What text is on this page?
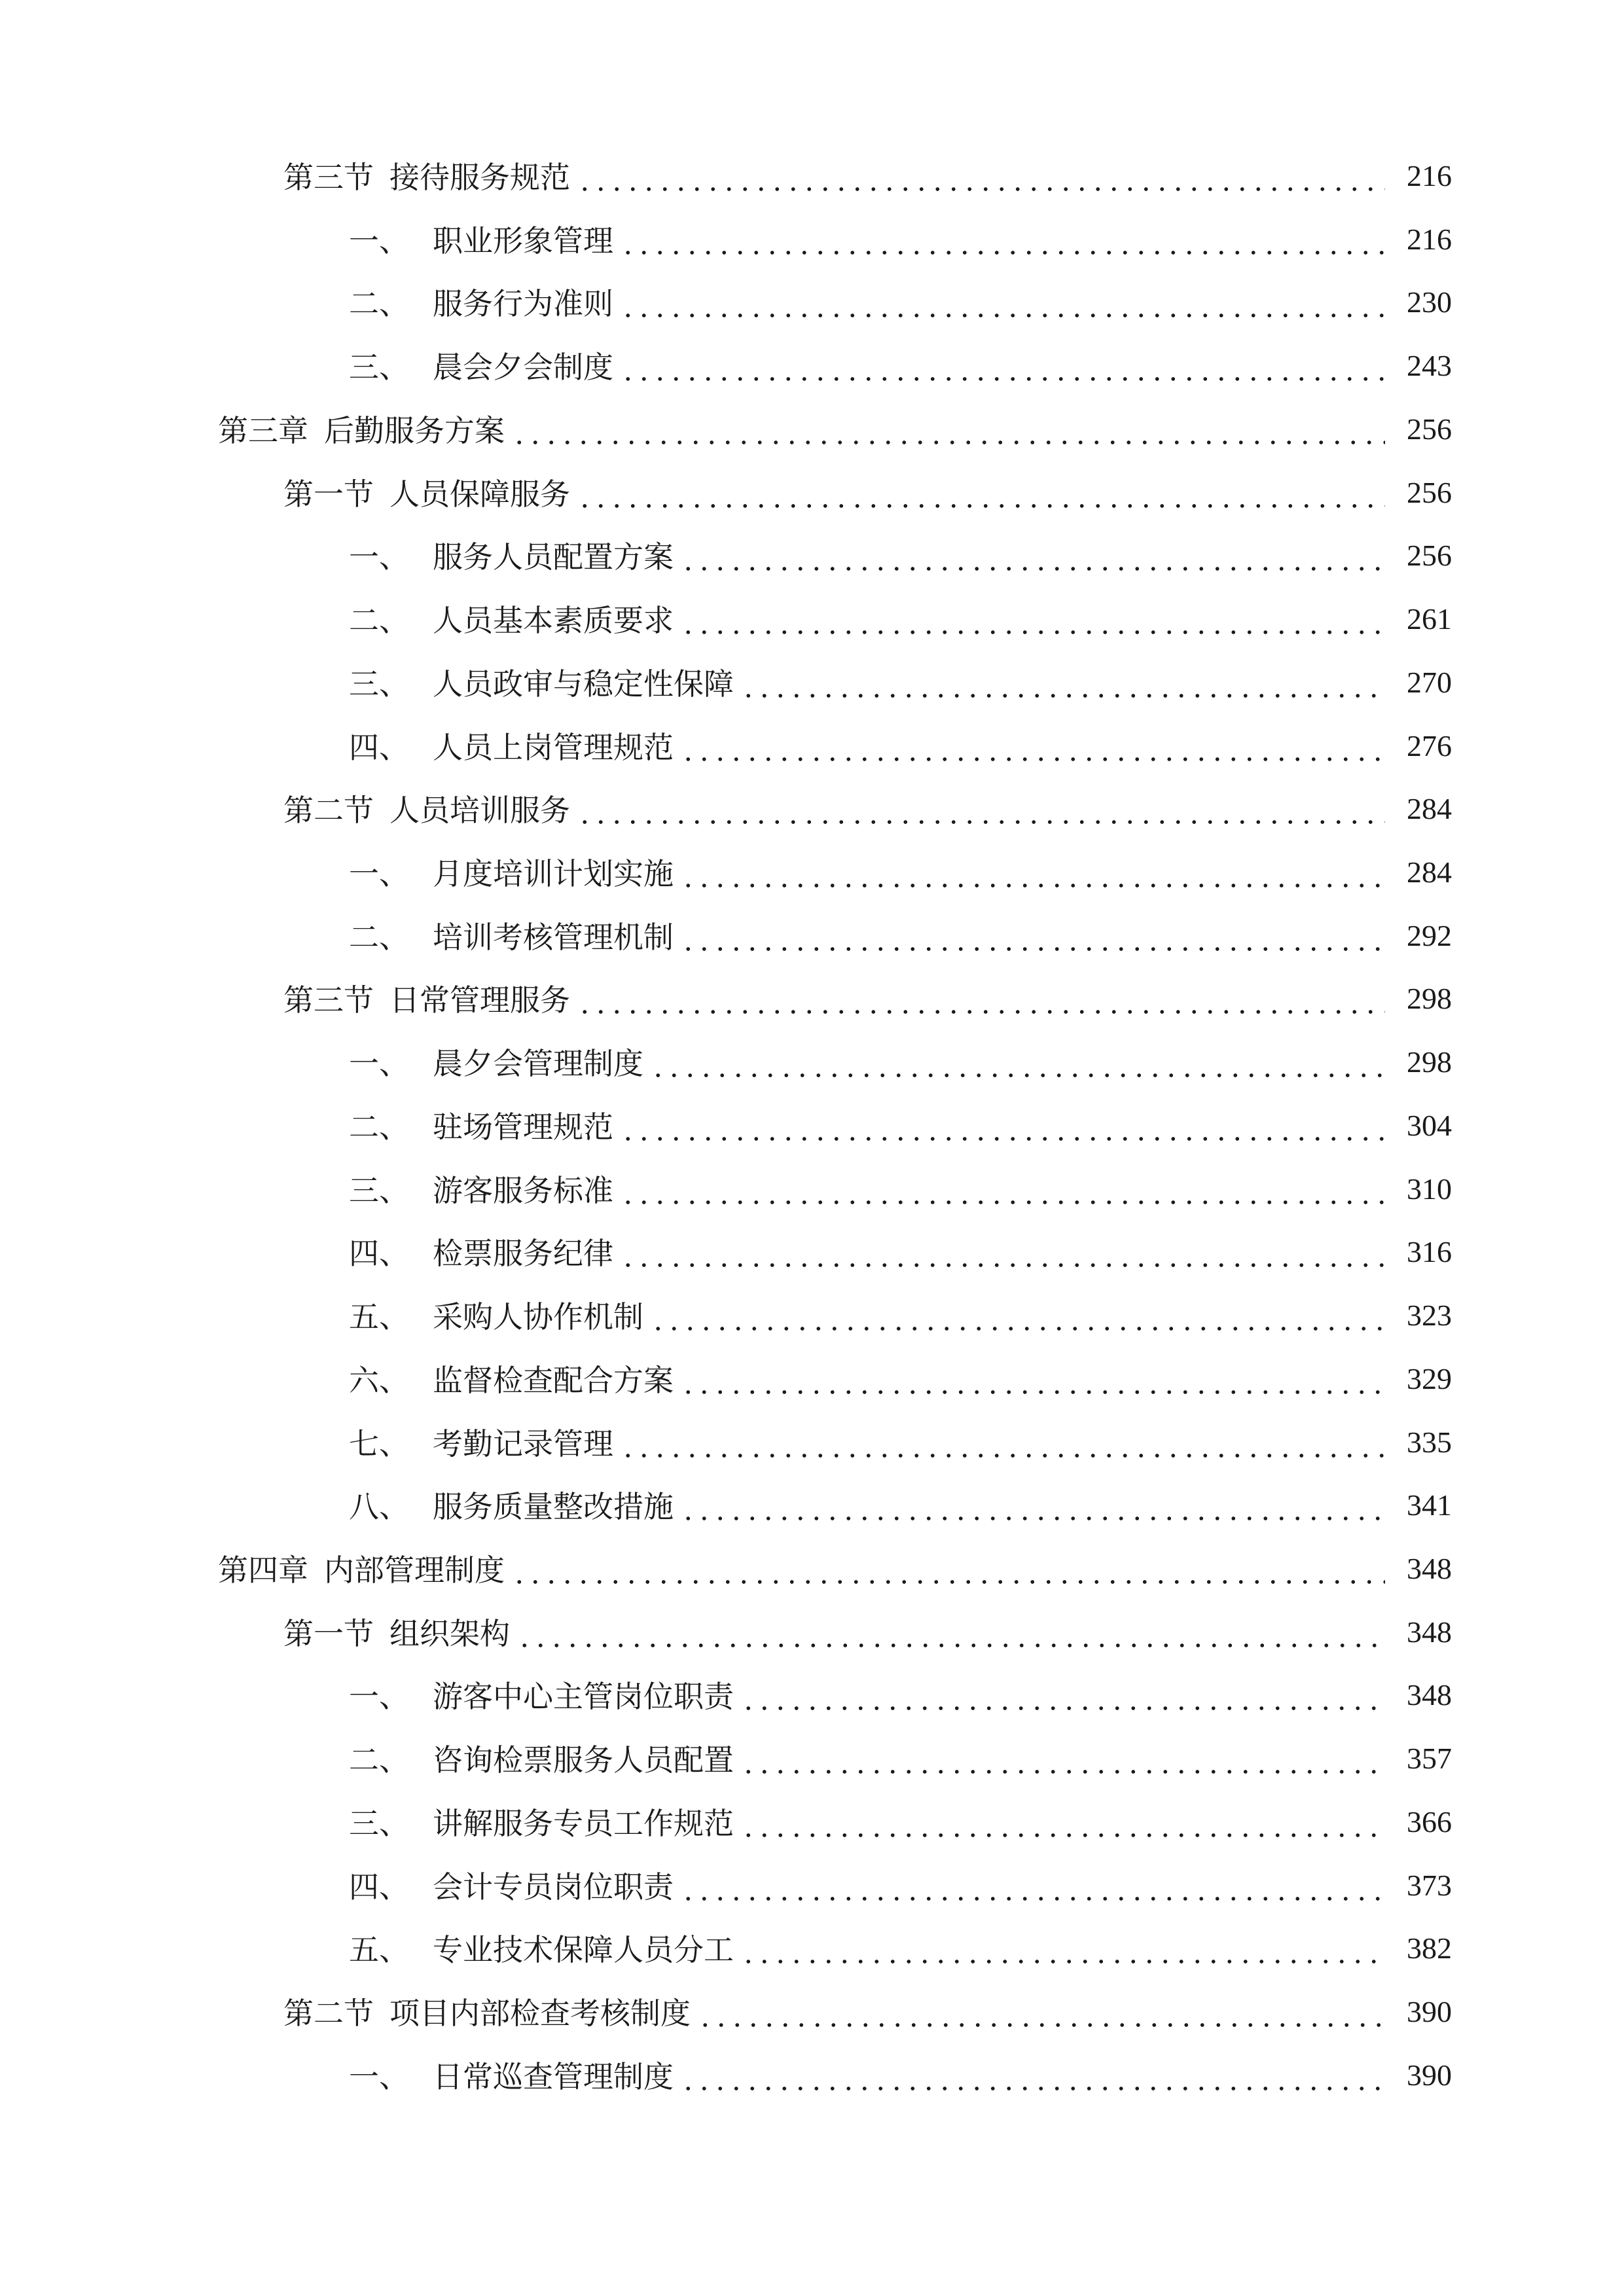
第三节 接待服务规范	216
一、 职业形象管理	216
二、 服务行为准则	230
三、 晨会夕会制度	243
第三章 后勤服务方案	256
第一节 人员保障服务	256
一、 服务人员配置方案	256
二、 人员基本素质要求	261
三、 人员政审与稳定性保障	270
四、 人员上岗管理规范	276
第二节 人员培训服务	284
一、 月度培训计划实施	284
二、 培训考核管理机制	292
第三节 日常管理服务	298
一、 晨夕会管理制度	298
二、 驻场管理规范	304
三、 游客服务标准	310
四、 检票服务纪律	316
五、 采购人协作机制	323
六、 监督检查配合方案	329
七、 考勤记录管理	335
八、 服务质量整改措施	341
第四章 内部管理制度	348
第一节 组织架构	348
一、 游客中心主管岗位职责	348
二、 咨询检票服务人员配置	357
三、 讲解服务专员工作规范	366
四、 会计专员岗位职责	373
五、 专业技术保障人员分工	382
第二节 项目内部检查考核制度	390
一、 日常巡查管理制度	390
